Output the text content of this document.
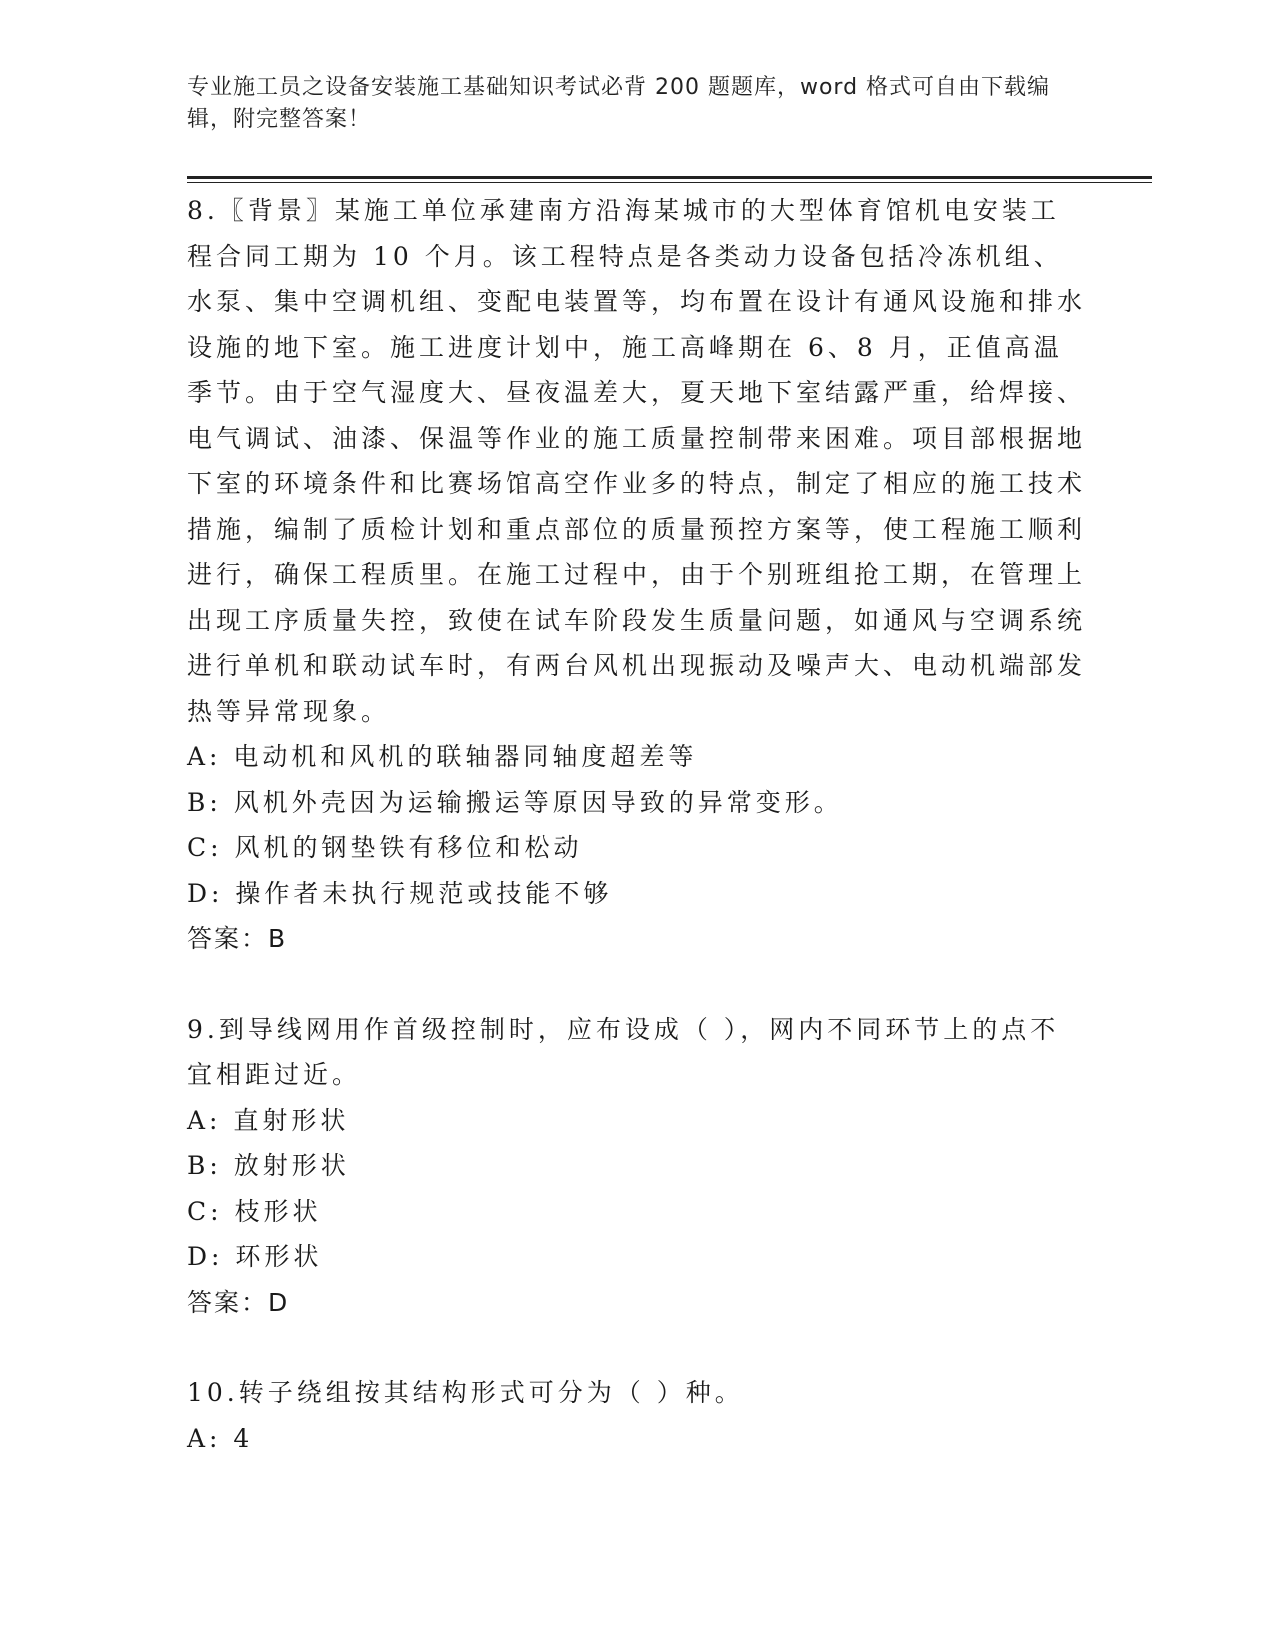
专业施工员之设备安装施工基础知识考试必背 200 题题库，word 格式可自由下载编辑，附完整答案！

8.〖背景〗某施工单位承建南方沿海某城市的大型体育馆机电安装工程合同工期为 10 个月。该工程特点是各类动力设备包括冷冻机组、水泵、集中空调机组、变配电装置等，均布置在设计有通风设施和排水设施的地下室。施工进度计划中，施工高峰期在 6、8 月，正值高温季节。由于空气湿度大、昼夜温差大，夏天地下室结露严重，给焊接、电气调试、油漆、保温等作业的施工质量控制带来困难。项目部根据地下室的环境条件和比赛场馆高空作业多的特点，制定了相应的施工技术措施，编制了质检计划和重点部位的质量预控方案等，使工程施工顺利进行，确保工程质里。在施工过程中，由于个别班组抢工期，在管理上出现工序质量失控，致使在试车阶段发生质量问题，如通风与空调系统进行单机和联动试车时，有两台风机出现振动及噪声大、电动机端部发热等异常现象。

A: 电动机和风机的联轴器同轴度超差等

B: 风机外壳因为运输搬运等原因导致的异常变形。

C: 风机的钢垫铁有移位和松动

D: 操作者未执行规范或技能不够

答案：B

9.到导线网用作首级控制时，应布设成（ ），网内不同环节上的点不宜相距过近。

A: 直射形状

B: 放射形状

C: 枝形状

D: 环形状

答案：D

10.转子绕组按其结构形式可分为（ ）种。

A: 4
